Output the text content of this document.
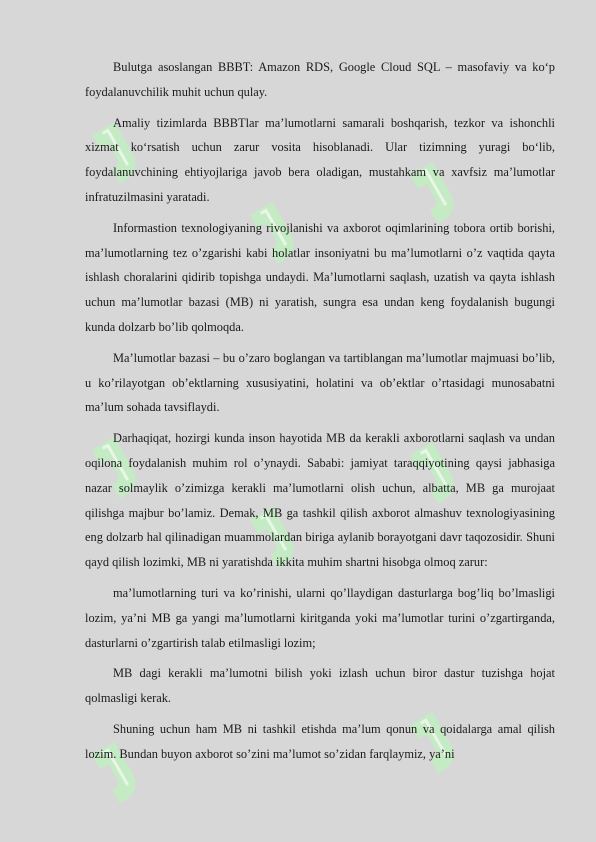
Bulutga asoslangan BBBT: Amazon RDS, Google Cloud SQL – masofaviy va ko‘p foydalanuvchilik muhit uchun qulay.

Amaliy tizimlarda BBBTlar ma’lumotlarni samarali boshqarish, tezkor va ishonchli xizmat ko‘rsatish uchun zarur vosita hisoblanadi. Ular tizimning yuragi bo‘lib, foydalanuvchining ehtiyojlariga javob bera oladigan, mustahkam va xavfsiz ma’lumotlar infratuzilmasini yaratadi.

Informastion texnologiyaning rivojlanishi va axborot oqimlarining tobora ortib borishi, ma’lumotlarning tez o’zgarishi kabi holatlar insoniyatni bu ma’lumotlarni o’z vaqtida qayta ishlash choralarini qidirib topishga undaydi. Ma’lumotlarni saqlash, uzatish va qayta ishlash uchun ma’lumotlar bazasi (MB) ni yaratish, sungra esa undan keng foydalanish bugungi kunda dolzarb bo’lib qolmoqda.

Ma’lumotlar bazasi – bu o’zaro boglangan va tartiblangan ma’lumotlar majmuasi bo’lib, u ko’rilayotgan ob’ektlarning xususiyatini, holatini va ob’ektlar o’rtasidagi munosabatni ma’lum sohada tavsiflaydi.

Darhaqiqat, hozirgi kunda inson hayotida MB da kerakli axborotlarni saqlash va undan oqilona foydalanish muhim rol o’ynaydi. Sababi: jamiyat taraqqiyotining qaysi jabhasiga nazar solmaylik o’zimizga kerakli ma’lumotlarni olish uchun, albatta, MB ga murojaat qilishga majbur bo’lamiz. Demak, MB ga tashkil qilish axborot almashuv texnologiyasining eng dolzarb hal qilinadigan muammolardan biriga aylanib borayotgani davr taqozosidir. Shuni qayd qilish lozimki, MB ni yaratishda ikkita muhim shartni hisobga olmoq zarur:

ma’lumotlarning turi va ko’rinishi, ularni qo’llaydigan dasturlarga bog’liq bo’lmasligi lozim, ya’ni MB ga yangi ma’lumotlarni kiritganda yoki ma’lumotlar turini o’zgartirganda, dasturlarni o’zgartirish talab etilmasligi lozim;

MB dagi kerakli ma’lumotni bilish yoki izlash uchun biror dastur tuzishga hojat qolmasligi kerak.

Shuning uchun ham MB ni tashkil etishda ma’lum qonun va qoidalarga amal qilish lozim. Bundan buyon axborot so’zini ma’lumot so’zidan farqlaymiz, ya’ni
